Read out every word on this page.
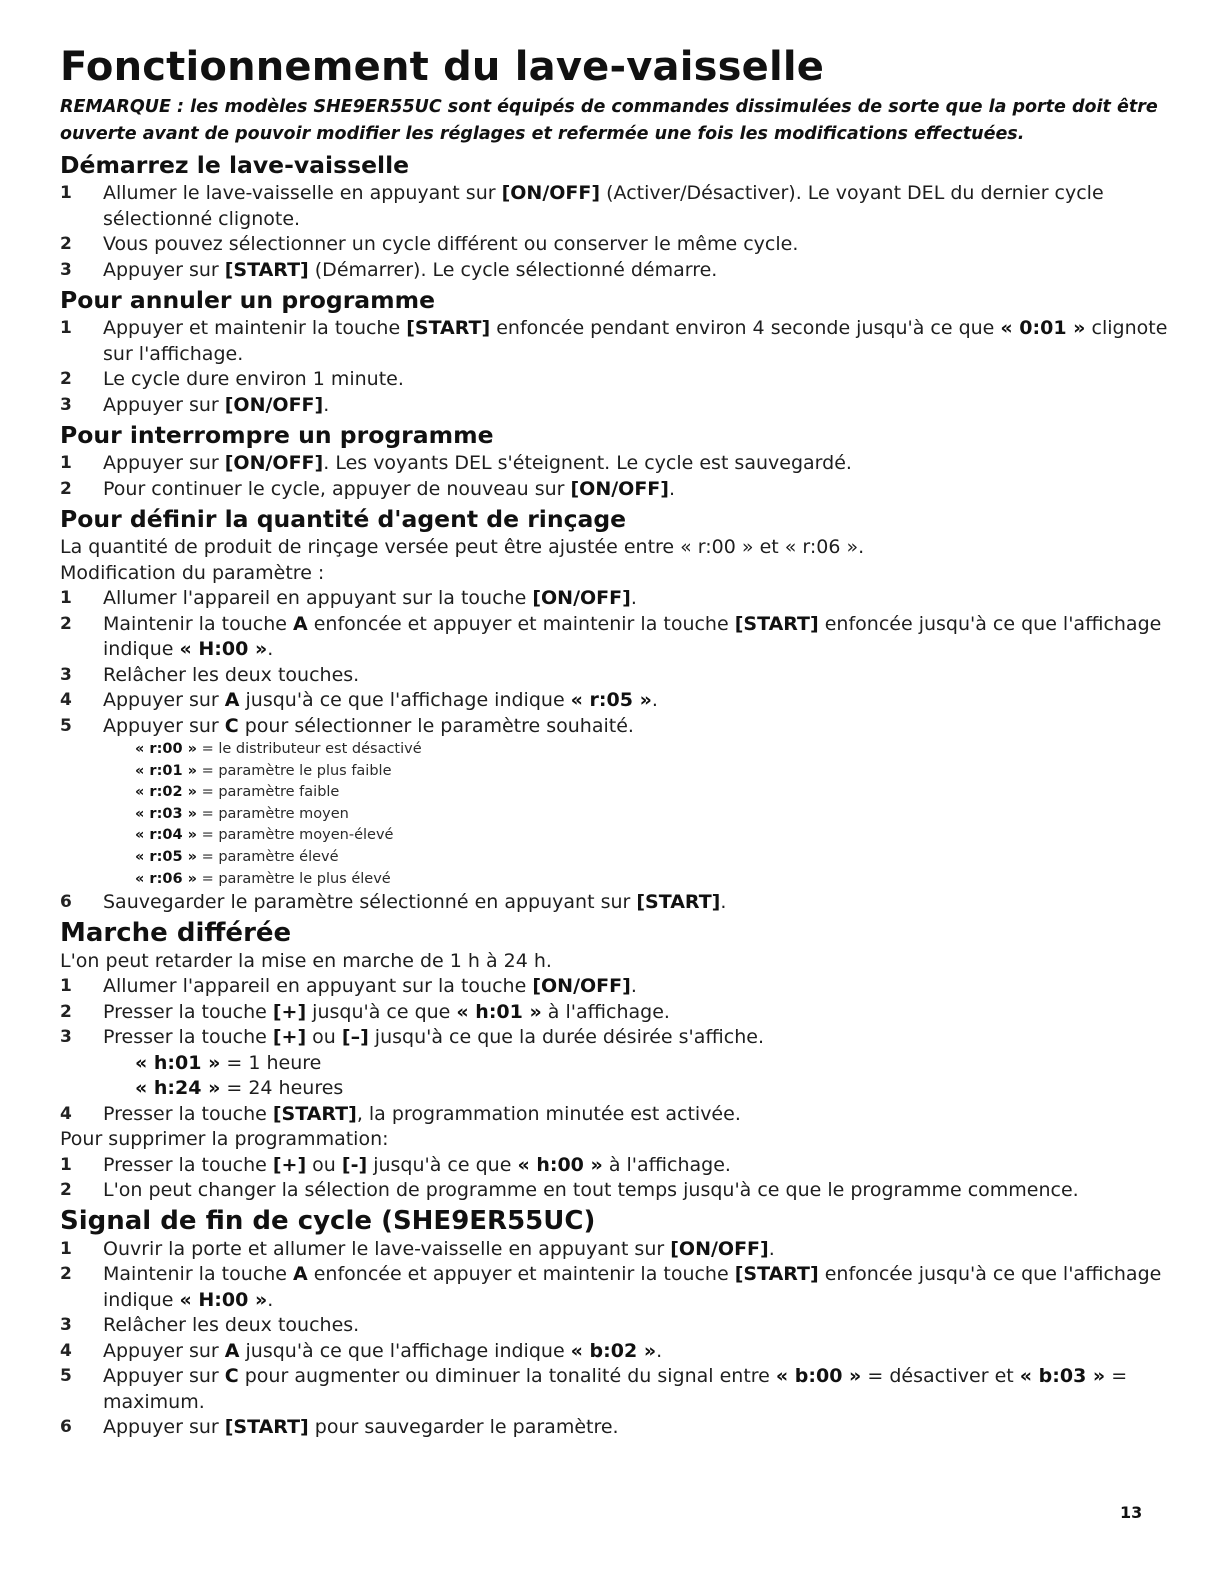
Fonctionnement du lave-vaisselle

REMARQUE : les modèles SHE9ER55UC sont équipés de commandes dissimulées de sorte que la porte doit être ouverte avant de pouvoir modifier les réglages et refermée une fois les modifications effectuées.

Démarrez le lave-vaisselle
1	Allumer le lave-vaisselle en appuyant sur [ON/OFF] (Activer/Désactiver). Le voyant DEL du dernier cycle sélectionné clignote.
2	Vous pouvez sélectionner un cycle différent ou conserver le même cycle.
3	Appuyer sur [START] (Démarrer). Le cycle sélectionné démarre.
Pour annuler un programme
1	Appuyer et maintenir la touche [START] enfoncée pendant environ 4 seconde jusqu'à ce que « 0:01 » clignote sur l'affichage.
2	Le cycle dure environ 1 minute.
3	Appuyer sur [ON/OFF].
Pour interrompre un programme
1	Appuyer sur [ON/OFF]. Les voyants DEL s'éteignent. Le cycle est sauvegardé.
2	Pour continuer le cycle, appuyer de nouveau sur [ON/OFF].
Pour définir la quantité d'agent de rinçage

La quantité de produit de rinçage versée peut être ajustée entre « r:00 » et « r:06 ».

Modification du paramètre :

1	Allumer l'appareil en appuyant sur la touche [ON/OFF].
2	Maintenir la touche A enfoncée et appuyer et maintenir la touche [START] enfoncée jusqu'à ce que l'affichage indique « H:00 ».
3	Relâcher les deux touches.
4	Appuyer sur A jusqu'à ce que l'affichage indique « r:05 ».
5	Appuyer sur C pour sélectionner le paramètre souhaité.
« r:00 » = le distributeur est désactivé
« r:01 » = paramètre le plus faible
« r:02 » = paramètre faible
« r:03 » = paramètre moyen
« r:04 » = paramètre moyen-élevé
« r:05 » = paramètre élevé
« r:06 » = paramètre le plus élevé
6	Sauvegarder le paramètre sélectionné en appuyant sur [START].
Marche différée

L'on peut retarder la mise en marche de 1 h à 24 h.

1	Allumer l'appareil en appuyant sur la touche [ON/OFF].
2	Presser la touche [+] jusqu'à ce que « h:01 » à l'affichage.
3	Presser la touche [+] ou [–] jusqu'à ce que la durée désirée s'affiche.
« h:01 » = 1 heure
« h:24 » = 24 heures
4	Presser la touche [START], la programmation minutée est activée.

Pour supprimer la programmation:

1	Presser la touche [+] ou [-] jusqu'à ce que « h:00 » à l'affichage.
2	L'on peut changer la sélection de programme en tout temps jusqu'à ce que le programme commence.
Signal de fin de cycle (SHE9ER55UC)
1	Ouvrir la porte et allumer le lave-vaisselle en appuyant sur [ON/OFF].
2	Maintenir la touche A enfoncée et appuyer et maintenir la touche [START] enfoncée jusqu'à ce que l'affichage indique « H:00 ».
3	Relâcher les deux touches.
4	Appuyer sur A jusqu'à ce que l'affichage indique « b:02 ».
5	Appuyer sur C pour augmenter ou diminuer la tonalité du signal entre « b:00 » = désactiver et « b:03 » = maximum.
6	Appuyer sur [START] pour sauvegarder le paramètre.
13
